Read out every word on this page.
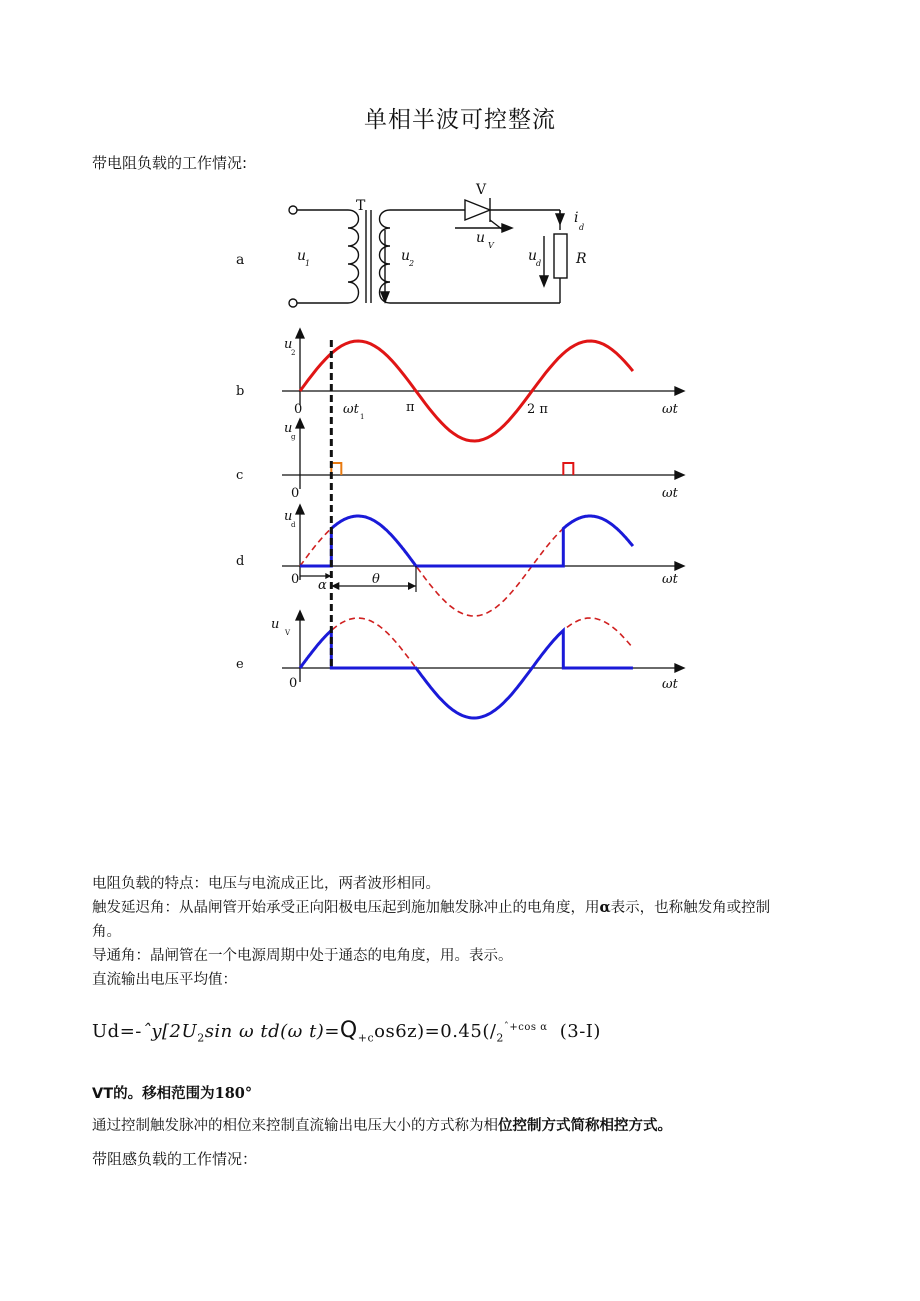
单相半波可控整流
带电阻负载的工作情况:
a
T
V
u
1	u
2
u V
u
d
i
d
R
b
u
2
0	ωt 1
π	2 π	ωt
c
u
g
0	ωt
d
u
d
0 α	θ	ωt
e
u
V
0	ωt
电阻负载的特点：电压与电流成正比，两者波形相同。
触发延迟角：从晶闸管开始承受正向阳极电压起到施加触发脉冲止的电角度，用α表示，也称触发角或控制
角。
导通角：晶闸管在一个电源周期中处于通态的电角度，用。表示。
直流输出电压平均值：
$Ud=-ˆy[2U_2\sin$ ω td(ω $t)=Q_{+c}os6z)=0.45(/_2^{ˆ+cos \alpha}$ (3-I)
VT的。移相范围为180°
通过控制触发脉冲的相位来控制直流输出电压大小的方式称为相位控制方式简称相控方式。
带阻感负载的工作情况：
